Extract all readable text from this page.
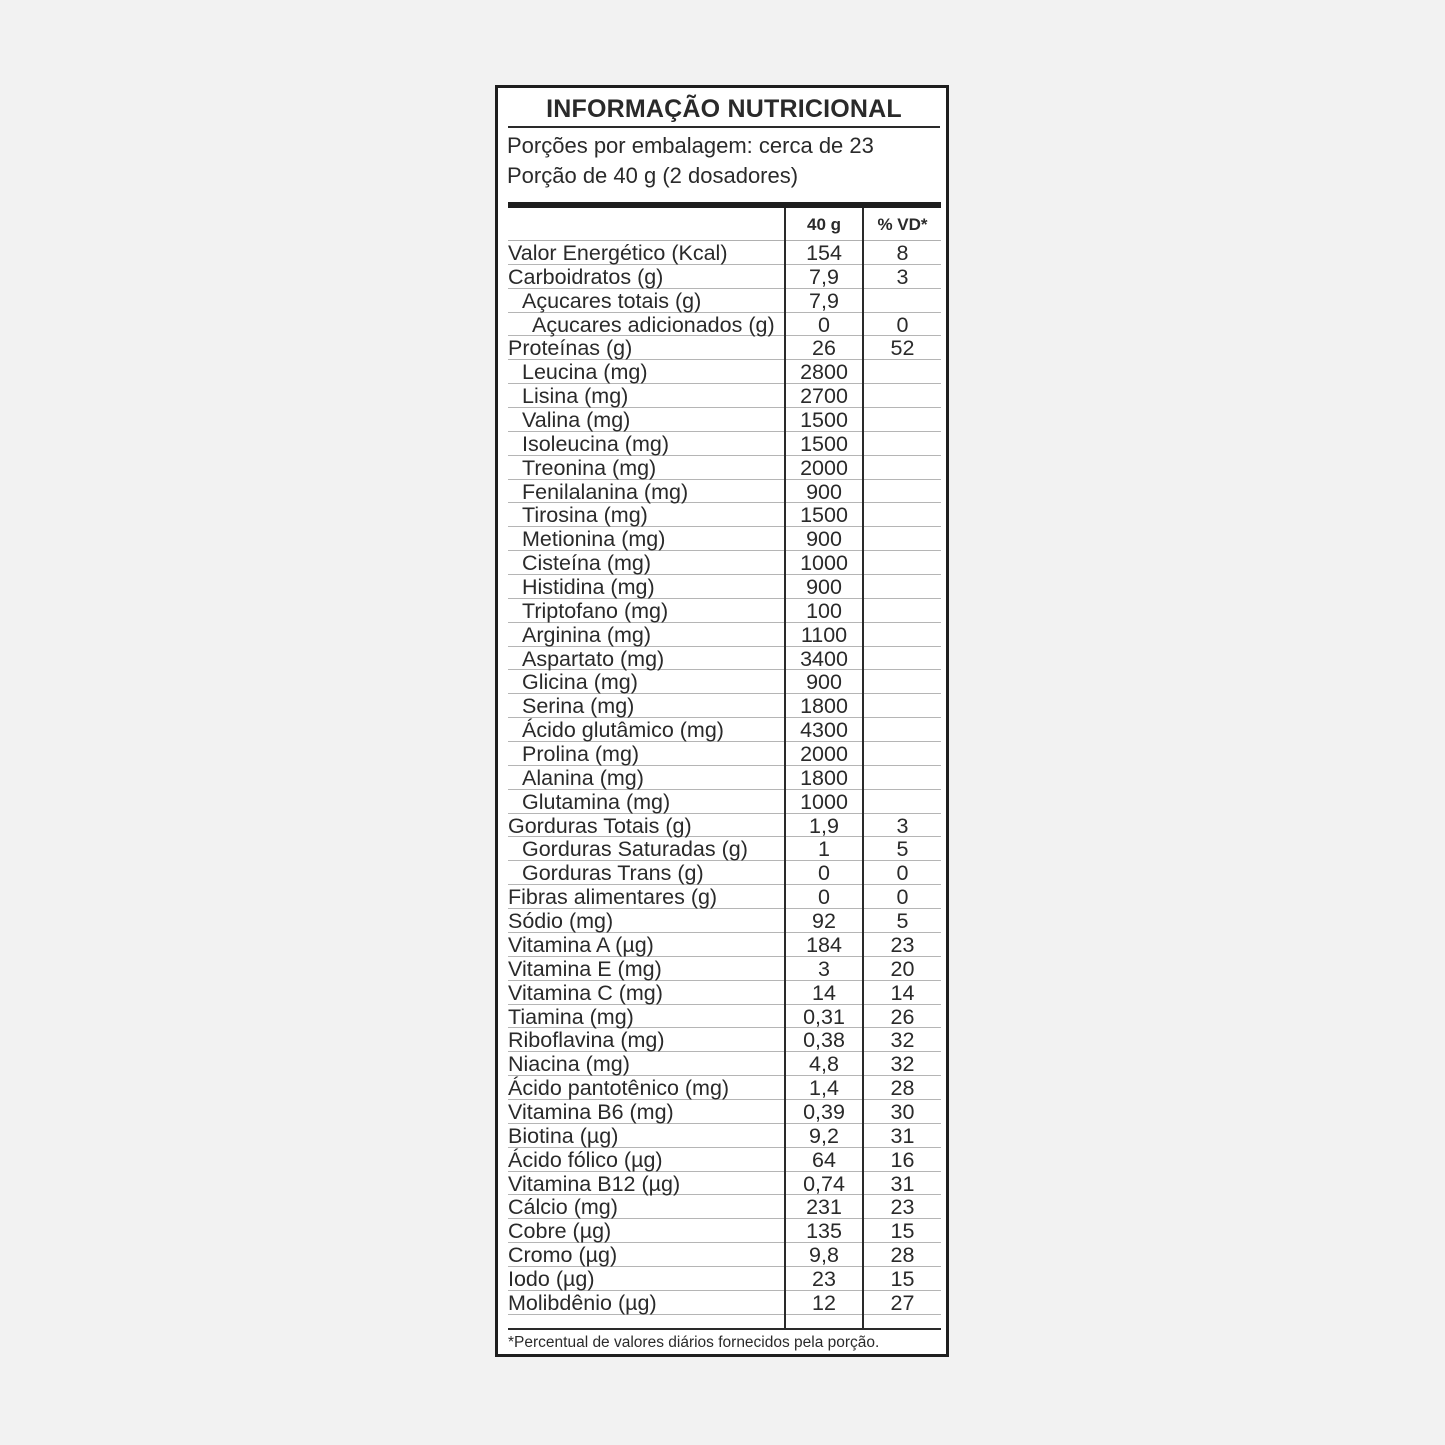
INFORMAÇÃO NUTRICIONAL
Porções por embalagem: cerca de 23
Porção de 40 g (2 dosadores)
40 g	% VD*
Valor Energético (Kcal)	154	8
Carboidratos (g)	7,9	3
Açucares totais (g)	7,9
Açucares adicionados (g)	0	0
Proteínas (g)	26	52
Leucina (mg)	2800
Lisina (mg)	2700
Valina (mg)	1500
Isoleucina (mg)	1500
Treonina (mg)	2000
Fenilalanina (mg)	900
Tirosina (mg)	1500
Metionina (mg)	900
Cisteína (mg)	1000
Histidina (mg)	900
Triptofano (mg)	100
Arginina (mg)	1100
Aspartato (mg)	3400
Glicina (mg)	900
Serina (mg)	1800
Ácido glutâmico (mg)	4300
Prolina (mg)	2000
Alanina (mg)	1800
Glutamina (mg)	1000
Gorduras Totais (g)	1,9	3
Gorduras Saturadas (g)	1	5
Gorduras Trans (g)	0	0
Fibras alimentares (g)	0	0
Sódio (mg)	92	5
Vitamina A (µg)	184	23
Vitamina E (mg)	3	20
Vitamina C (mg)	14	14
Tiamina (mg)	0,31	26
Riboflavina (mg)	0,38	32
Niacina (mg)	4,8	32
Ácido pantotênico (mg)	1,4	28
Vitamina B6 (mg)	0,39	30
Biotina (µg)	9,2	31
Ácido fólico (µg)	64	16
Vitamina B12 (µg)	0,74	31
Cálcio (mg)	231	23
Cobre (µg)	135	15
Cromo (µg)	9,8	28
Iodo (µg)	23	15
Molibdênio (µg)	12	27
*Percentual de valores diários fornecidos pela porção.
